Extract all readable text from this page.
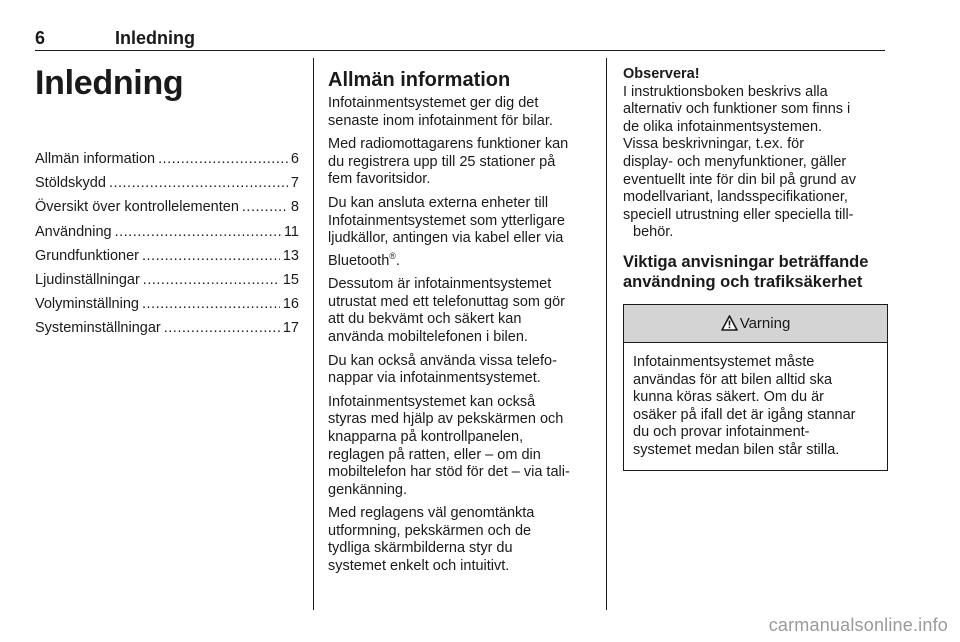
6	Inledning
Inledning
Allmän information .....	6
Stöldskydd .....	7
Översikt över kontrollelementen .....	8
Användning .....	11
Grundfunktioner .....	13
Ljudinställningar .....	15
Volyminställning .....	16
Systeminställningar .....	17
Allmän information

Infotainmentsystemet ger dig det
senaste inom infotainment för bilar.

Med radiomottagarens funktioner kan
du registrera upp till 25 stationer på
fem favoritsidor.

Du kan ansluta externa enheter till
Infotainmentsystemet som ytterligare
ljudkällor, antingen via kabel eller via
Bluetooth®.

Dessutom är infotainmentsystemet
utrustat med ett telefonuttag som gör
att du bekvämt och säkert kan
använda mobiltelefonen i bilen.

Du kan också använda vissa telefo‐
nappar via infotainmentsystemet.

Infotainmentsystemet kan också
styras med hjälp av pekskärmen och
knapparna på kontrollpanelen,
reglagen på ratten, eller – om din
mobiltelefon har stöd för det – via tali‐
genkänning.

Med reglagens väl genomtänkta
utformning, pekskärmen och de
tydliga skärmbilderna styr du
systemet enkelt och intuitivt.

Observera!

I instruktionsboken beskrivs alla
alternativ och funktioner som finns i
de olika infotainmentsystemen.
Vissa beskrivningar, t.ex. för
display- och menyfunktioner, gäller
eventuellt inte för din bil på grund av
modellvariant, landsspecifikationer,
speciell utrustning eller speciella till‐
behör.

Viktiga anvisningar beträffande
användning och trafiksäkerhet
Varning
Infotainmentsystemet måste
användas för att bilen alltid ska
kunna köras säkert. Om du är
osäker på ifall det är igång stannar
du och provar infotainment‐
systemet medan bilen står stilla.
carmanualsonline.info
